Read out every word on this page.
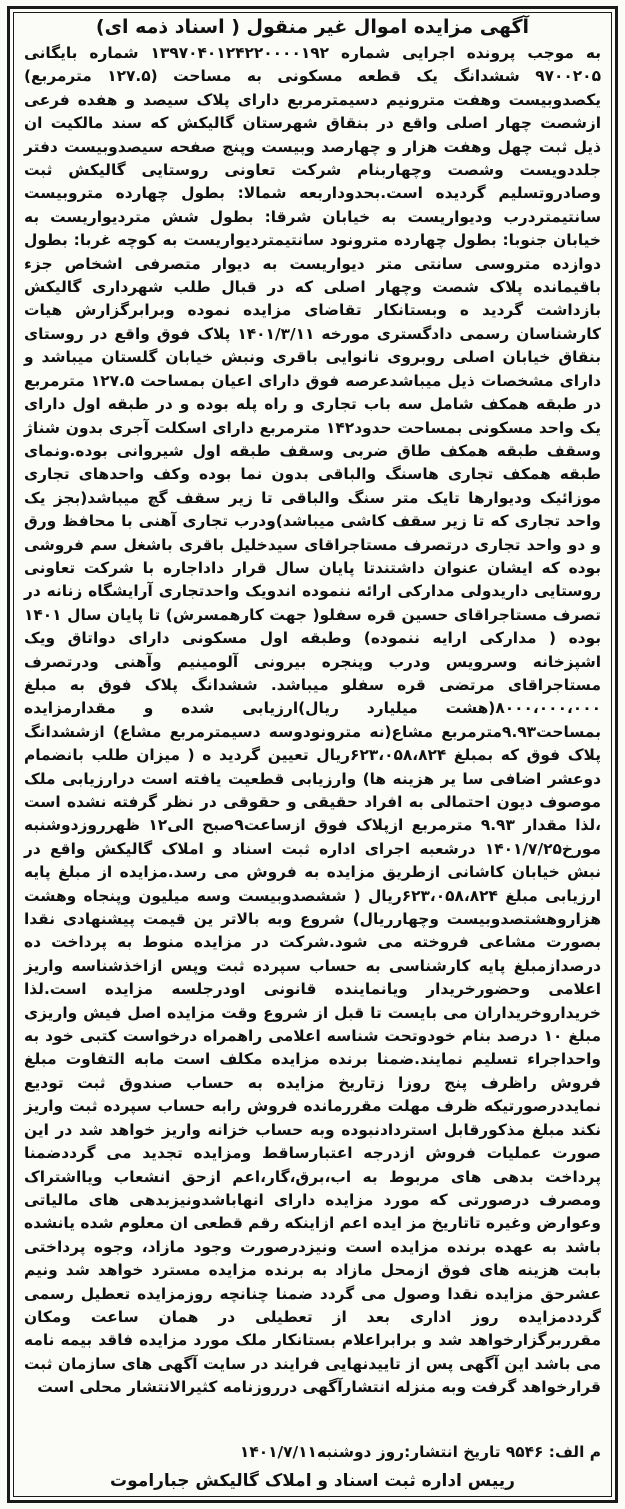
آگهی مزایده اموال غیر منقول ( اسناد ذمه ای)

به موجب پرونده اجرایی شماره ۱۳۹۷۰۴۰۱۲۴۲۲۰۰۰۰۱۹۲ شماره بایگانی ۹۷۰۰۲۰۵ ششدانگ یک قطعه مسکونی به مساحت (۱۲۷.۵ مترمربع) یکصدوبیست وهفت مترونیم دسیمترمربع دارای پلاک سیصد و هفده فرعی ازشصت چهار اصلی واقع در بنقاق شهرستان گالیکش که سند مالکیت ان ذیل ثبت چهل وهفت هزار و چهارصد وبیست وپنج صفحه سیصدوبیست دفتر جلددویست وشصت وچهاربنام شرکت تعاونی روستایی گالیکش ثبت وصادروتسلیم گردیده است.بحدوداربعه شمالا: بطول چهارده متروبیست سانتیمتردرب ودیواریست به خیابان شرقا: بطول شش متردیواریست به خیابان جنوبا: بطول چهارده مترونود سانتیمتردیواریست به کوچه غربا: بطول دوازده متروسی سانتی متر دیواریست به دیوار متصرفی اشخاص جزء باقیمانده پلاک شصت وچهار اصلی که در قبال طلب شهرداری گالیکش بازداشت گردید ه وبستانکار تقاضای مزایده نموده وبرابرگزارش هیات کارشناسان رسمی دادگستری مورخه ۱۴۰۱/۳/۱۱ پلاک فوق واقع در روستای بنقاق خیابان اصلی روبروی نانوایی باقری ونبش خیابان گلستان میباشد و دارای مشخصات ذیل میباشدعرصه فوق دارای اعیان بمساحت ۱۲۷.۵ مترمربع در طبقه همکف شامل سه باب تجاری و راه پله بوده و در طبقه اول دارای یک واحد مسکونی بمساحت حدود۱۴۲ مترمربع دارای اسکلت آجری بدون شناژ وسقف طبقه همکف طاق ضربی وسقف طبقه اول شیروانی بوده.ونمای طبقه همکف تجاری هاسنگ والباقی بدون نما بوده وکف واحدهای تجاری موزائیک ودیوارها تایک متر سنگ والباقی تا زیر سقف گچ میباشد(بجز یک واحد تجاری که تا زیر سقف کاشی میباشد)ودرب تجاری آهنی با محافظ ورق و دو واحد تجاری درتصرف مستاجراقای سیدخلیل باقری باشغل سم فروشی بوده که ایشان عنوان داشتندتا پایان سال قرار داداجاره با شرکت تعاونی روستایی داریدولی مدارکی ارائه ننموده اندویک واحدتجاری آرایشگاه زنانه در تصرف مستاجراقای حسین قره سفلو( جهت کارهمسرش) تا پایان سال ۱۴۰۱ بوده ( مدارکی ارایه ننموده) وطبقه اول مسکونی دارای دواتاق ویک اشپزخانه وسرویس ودرب وپنجره بیرونی آلومینیم وآهنی ودرتصرف مستاجراقای مرتضی قره سفلو میباشد. ششدانگ پلاک فوق به مبلغ ۸۰۰۰،۰۰۰،۰۰۰(هشت میلیارد ریال)ارزیابی شده و مقدارمزایده بمساحت۹.۹۳مترمربع مشاع(نه مترونودوسه دسیمترمربع مشاع) ازششدانگ پلاک فوق که بمبلغ ۶۲۳،۰۵۸،۸۲۴ریال تعیین گردید ه ( میزان طلب بانضمام دوعشر اضافی سا یر هزینه ها) وارزیابی قطعیت یافته است درارزیابی ملک موصوف دیون احتمالی به افراد حقیقی و حقوقی در نظر گرفته نشده است ،لذا مقدار ۹.۹۳ مترمربع ازپلاک فوق ازساعت۹صبح الی۱۲ ظهرروزدوشنبه مورخ۱۴۰۱/۷/۲۵ درشعبه اجرای اداره ثبت اسناد و املاک گالیکش واقع در نبش خیابان کاشانی ازطریق مزایده به فروش می رسد.مزایده از مبلغ پایه ارزیابی مبلغ ۶۲۳،۰۵۸،۸۲۴ریال ( ششصدوبیست وسه میلیون وپنجاه وهشت هزاروهشتصدوبیست وچهارریال) شروع وبه بالاتر ین قیمت پیشنهادی نقدا بصورت مشاعی فروخته می شود.شرکت در مزایده منوط به پرداخت ده درصدازمبلغ پایه کارشناسی به حساب سپرده ثبت وپس ازاخذشناسه واریز اعلامی وحضورخریدار ویانماینده قانونی اودرجلسه مزایده است.لذا خریداروخریداران می بایست تا قبل از شروع وقت مزایده اصل فیش واریزی مبلغ ۱۰ درصد بنام خودوتحت شناسه اعلامی راهمراه درخواست کتبی خود به واحداجراء تسلیم نمایند.ضمنا برنده مزایده مکلف است مابه التفاوت مبلغ فروش راظرف پنج روزا زتاریخ مزایده به حساب صندوق ثبت تودیع نمایددرصورتیکه ظرف مهلت مقررمانده فروش رابه حساب سپرده ثبت واریز نکند مبلغ مذکورقابل استردادنبوده وبه حساب خزانه واریز خواهد شد در این صورت عملیات فروش ازدرجه اعتبارساقط ومزایده تجدید می گرددضمنا پرداخت بدهی های مربوط به اب،برق،گار،اعم ازحق انشعاب ویااشتراک ومصرف درصورتی که مورد مزایده دارای انهاباشدونیزبدهی های مالیاتی وعوارض وغیره تاتاریخ مز ایده اعم ازاینکه رقم قطعی ان معلوم شده یانشده باشد به عهده برنده مزایده است ونیزدرصورت وجود مازاد، وجوه پرداختی بابت هزینه های فوق ازمحل مازاد به برنده مزایده مسترد خواهد شد ونیم عشرحق مزایده نقدا وصول می گردد ضمنا چنانچه روزمزایده تعطیل رسمی گرددمزایده روز اداری بعد از تعطیلی در همان ساعت ومکان مقرربرگزارخواهد شد و برابراعلام بستانکار ملک مورد مزایده فاقد بیمه نامه می باشد این آگهی پس از تاییدنهایی فرایند در سایت آگهی های سازمان ثبت قرارخواهد گرفت وبه منزله انتشارآگهی درروزنامه کثیرالانتشار محلی است

م الف: ۹۵۴۶ تاریخ انتشار:روز دوشنبه۱۴۰۱/۷/۱۱
رییس اداره ثبت اسناد و املاک گالیکش جباراموت
